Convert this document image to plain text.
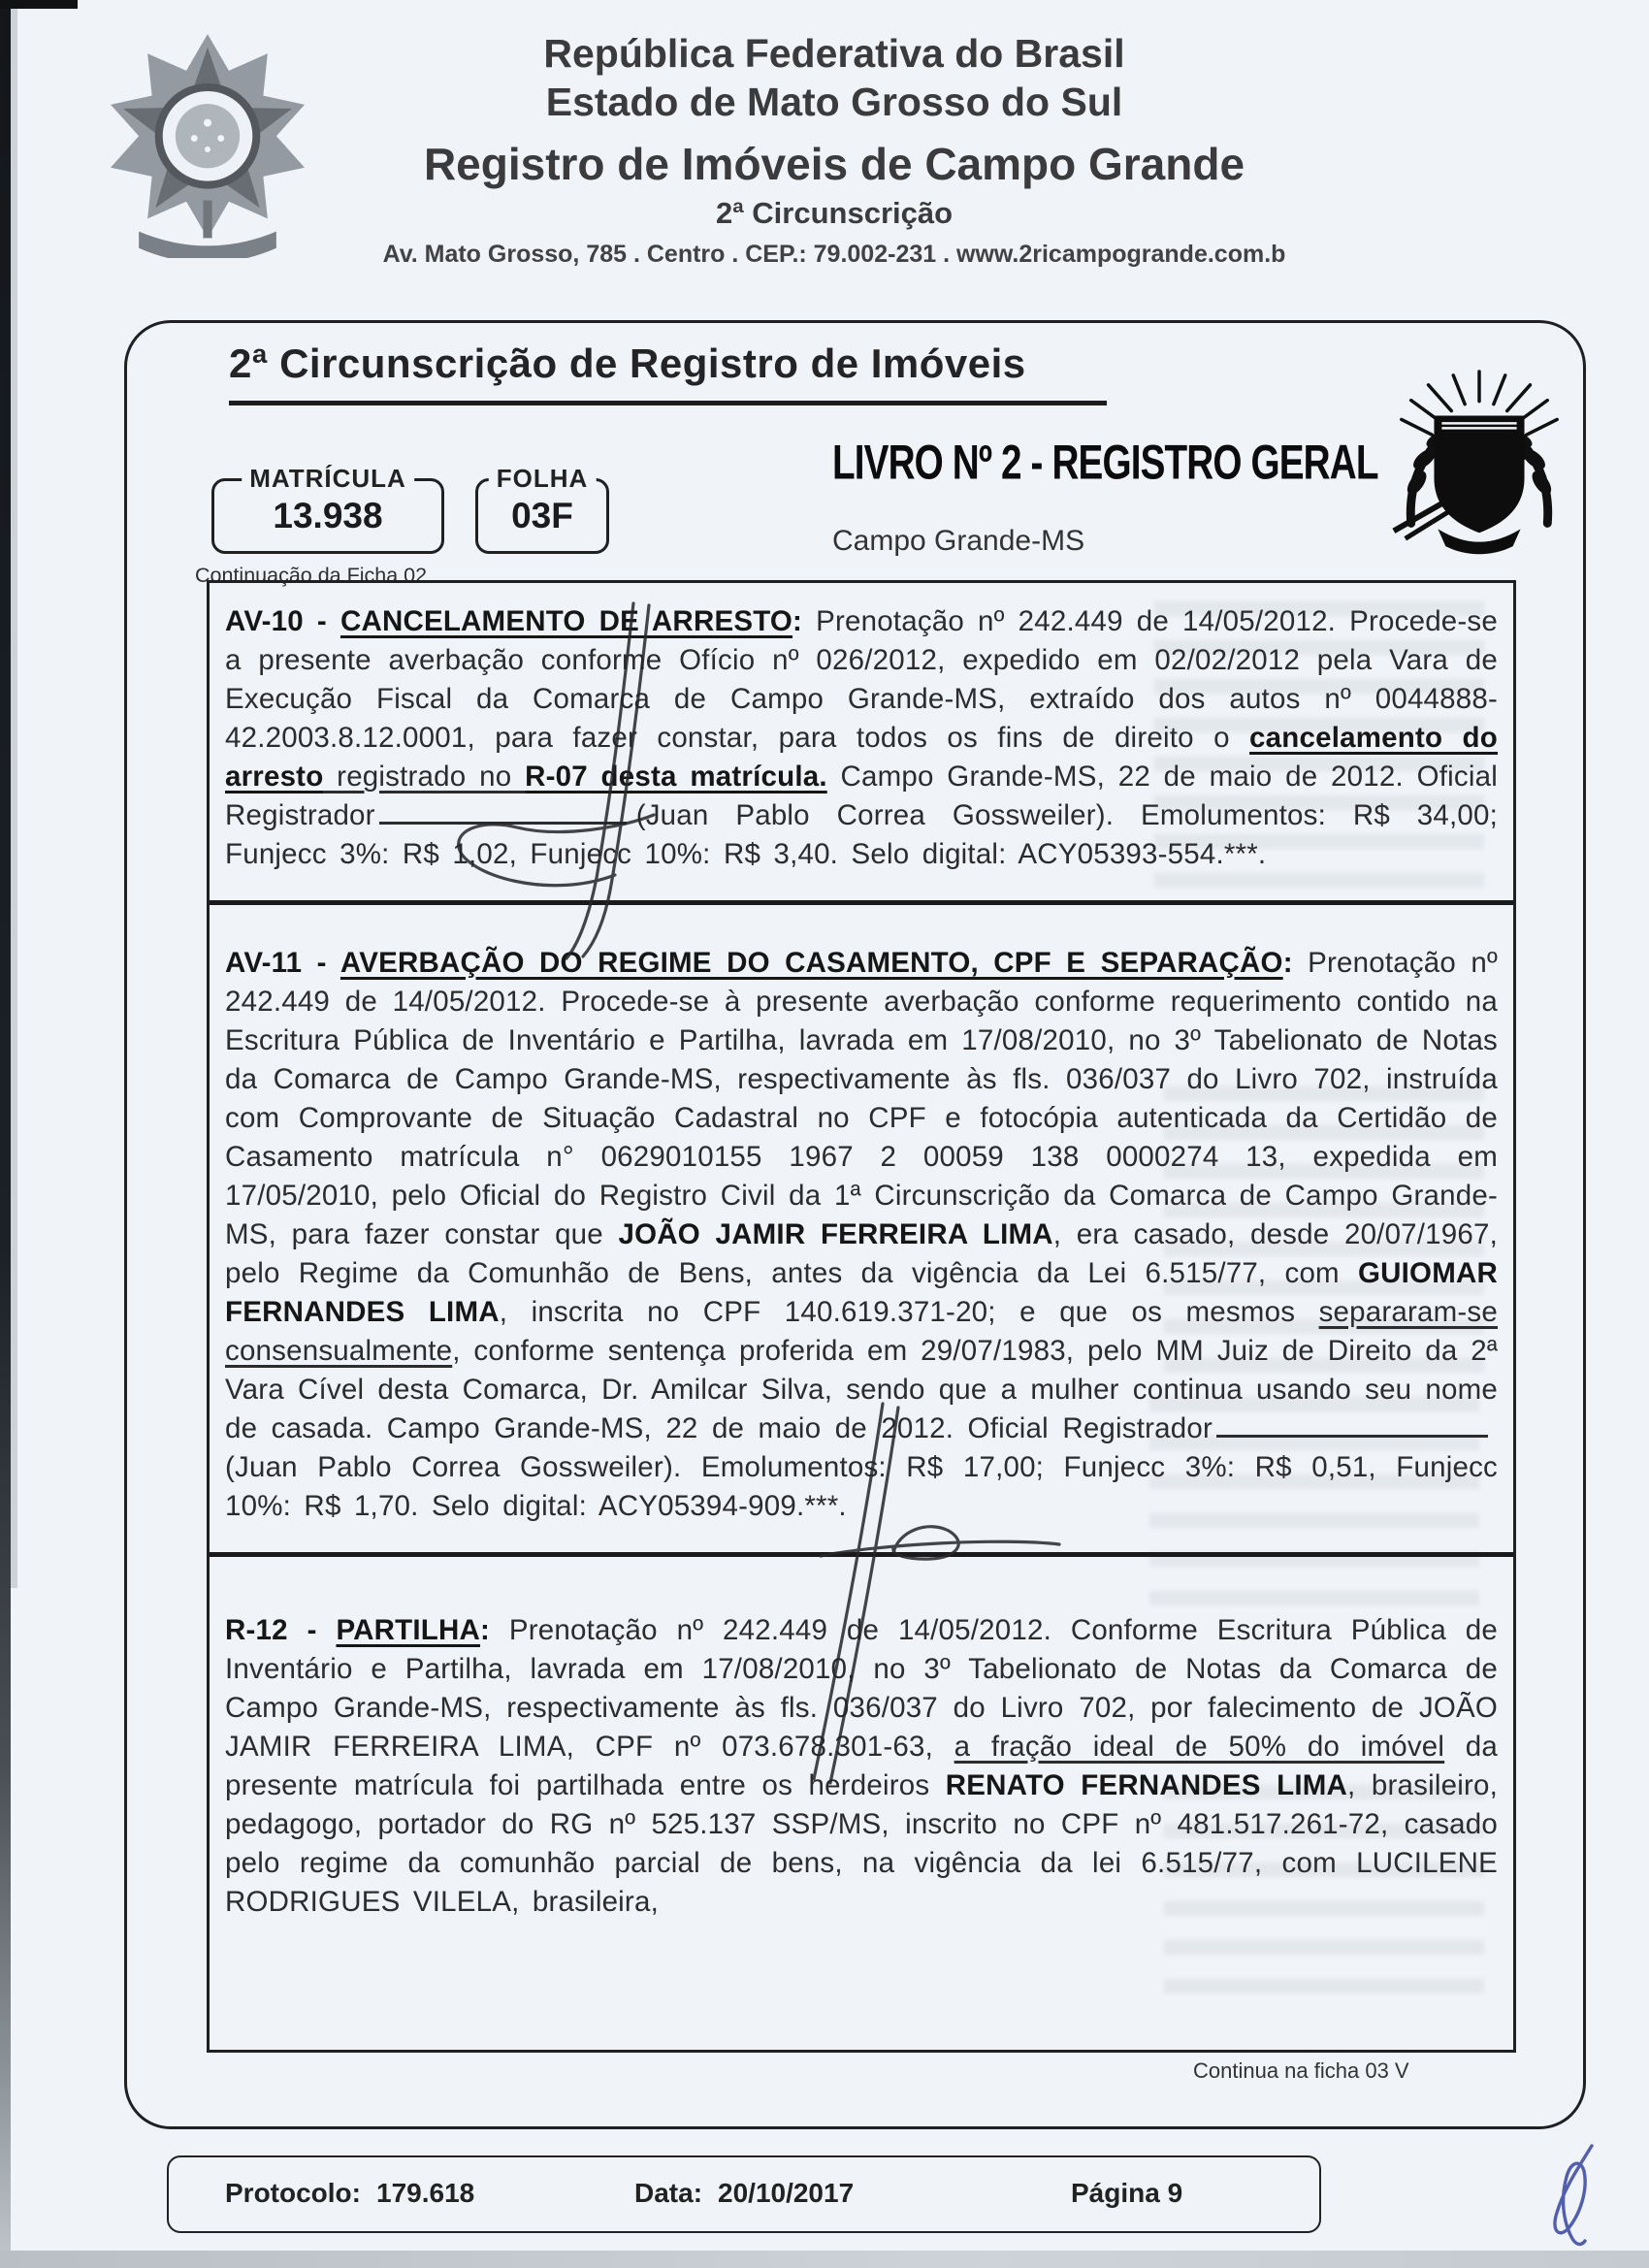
República Federativa do Brasil
Estado de Mato Grosso do Sul
Registro de Imóveis de Campo Grande
2ª Circunscrição
Av. Mato Grosso, 785 . Centro . CEP.: 79.002-231 . www.2ricampogrande.com.b
2ª Circunscrição de Registro de Imóveis
MATRÍCULA
13.938
Continuação da Ficha 02
FOLHA
03F
LIVRO Nº 2 - REGISTRO GERAL
Campo Grande-MS

AV-10 - CANCELAMENTO DE ARRESTO: Prenotação nº 242.449 de 14/05/2012. Procede-se a presente averbação conforme Ofício nº 026/2012, expedido em 02/02/2012 pela Vara de Execução Fiscal da Comarca de Campo Grande-MS, extraído dos autos nº 0044888-42.2003.8.12.0001, para fazer constar, para todos os fins de direito o cancelamento do arresto registrado no R-07 desta matrícula. Campo Grande-MS, 22 de maio de 2012. Oficial Registrador	(Juan Pablo Correa Gossweiler). Emolumentos: R$ 34,00; Funjecc 3%: R$ 1,02, Funjecc 10%: R$ 3,40. Selo digital: ACY05393-554.***.

AV-11 - AVERBAÇÃO DO REGIME DO CASAMENTO, CPF E SEPARAÇÃO: Prenotação nº 242.449 de 14/05/2012. Procede-se à presente averbação conforme requerimento contido na Escritura Pública de Inventário e Partilha, lavrada em 17/08/2010, no 3º Tabelionato de Notas da Comarca de Campo Grande-MS, respectivamente às fls. 036/037 do Livro 702, instruída com Comprovante de Situação Cadastral no CPF e fotocópia autenticada da Certidão de Casamento matrícula n° 0629010155 1967 2 00059 138 0000274 13, expedida em 17/05/2010, pelo Oficial do Registro Civil da 1ª Circunscrição da Comarca de Campo Grande-MS, para fazer constar que JOÃO JAMIR FERREIRA LIMA, era casado, desde 20/07/1967, pelo Regime da Comunhão de Bens, antes da vigência da Lei 6.515/77, com GUIOMAR FERNANDES LIMA, inscrita no CPF 140.619.371-20; e que os mesmos separaram-se consensualmente, conforme sentença proferida em 29/07/1983, pelo MM Juiz de Direito da 2ª Vara Cível desta Comarca, Dr. Amilcar Silva, sendo que a mulher continua usando seu nome de casada. Campo Grande-MS, 22 de maio de 2012. Oficial Registrador(Juan Pablo Correa Gossweiler). Emolumentos: R$ 17,00; Funjecc 3%: R$ 0,51, Funjecc 10%: R$ 1,70. Selo digital: ACY05394-909.***.

R-12 - PARTILHA: Prenotação nº 242.449 de 14/05/2012. Conforme Escritura Pública de Inventário e Partilha, lavrada em 17/08/2010, no 3º Tabelionato de Notas da Comarca de Campo Grande-MS, respectivamente às fls. 036/037 do Livro 702, por falecimento de JOÃO JAMIR FERREIRA LIMA, CPF nº 073.678.301-63, a fração ideal de 50% do imóvel da presente matrícula foi partilhada entre os herdeiros RENATO FERNANDES LIMA, brasileiro, pedagogo, portador do RG nº 525.137 SSP/MS, inscrito no CPF nº 481.517.261-72, casado pelo regime da comunhão parcial de bens, na vigência da lei 6.515/77, com LUCILENE RODRIGUES VILELA, brasileira,

Continua na ficha 03 V
Protocolo: 179.618	Data: 20/10/2017	Página 9
